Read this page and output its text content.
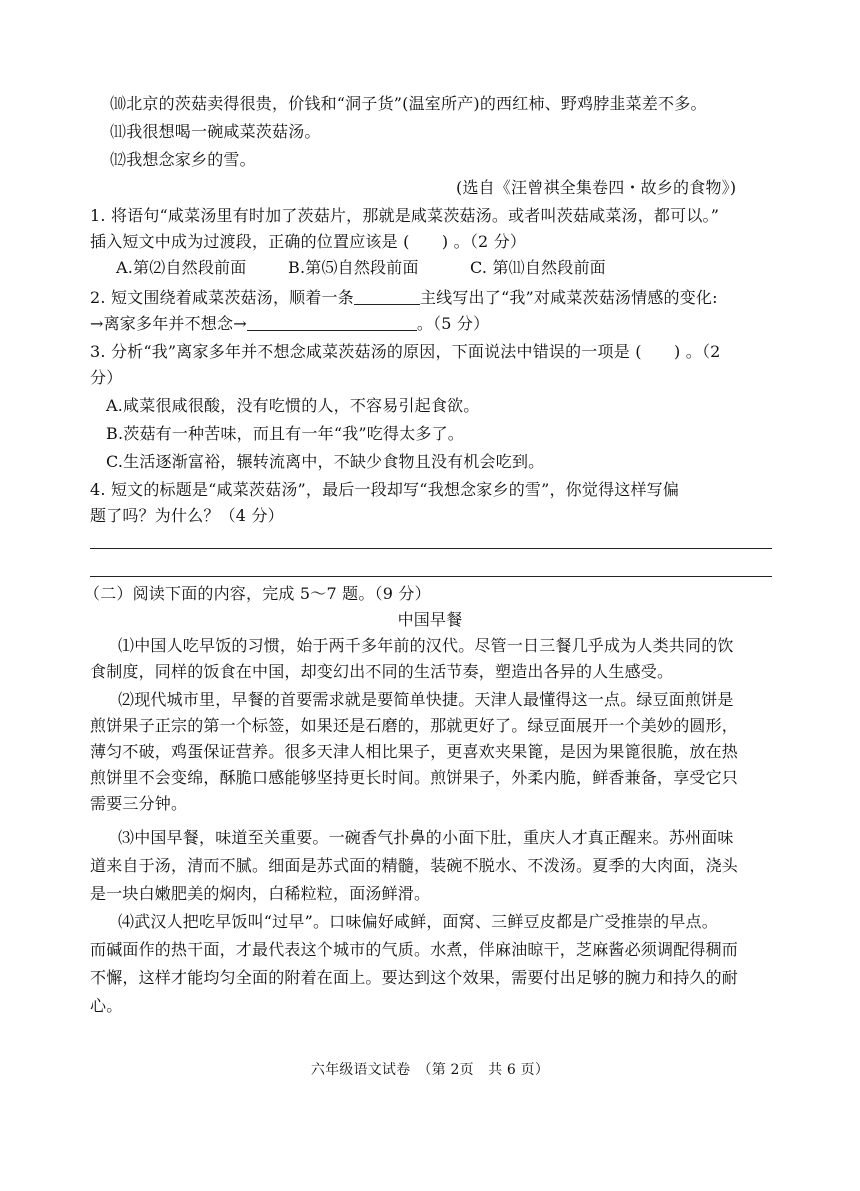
⑽北京的茨菇卖得很贵，价钱和“洞子货”(温室所产)的西红柿、野鸡脖韭菜差不多。
⑾我很想喝一碗咸菜茨菇汤。
⑿我想念家乡的雪。
(选自《汪曾祺全集卷四・故乡的食物》)
1. 将语句“咸菜汤里有时加了茨菇片，那就是咸菜茨菇汤。或者叫茨菇咸菜汤，都可以。”
插入短文中成为过渡段，正确的位置应该是 (　　) 。（2 分）
A.第⑵自然段前面	B.第⑸自然段前面	C. 第⑾自然段前面
2. 短文围绕着咸菜茨菇汤，顺着一条	主线写出了“我”对咸菜茨菇汤情感的变化:
→离家多年并不想念→	。（5 分）
3. 分析“我”离家多年并不想念咸菜茨菇汤的原因，下面说法中错误的一项是 (　　) 。（2
分）
A.咸菜很咸很酸，没有吃惯的人，不容易引起食欲。
B.茨菇有一种苦味，而且有一年“我”吃得太多了。
C.生活逐渐富裕，辗转流离中，不缺少食物且没有机会吃到。
4. 短文的标题是“咸菜茨菇汤”，最后一段却写“我想念家乡的雪”，你觉得这样写偏
题了吗？为什么？（4 分）
（二）阅读下面的内容，完成 5～7 题。（9 分）
中国早餐
⑴中国人吃早饭的习惯，始于两千多年前的汉代。尽管一日三餐几乎成为人类共同的饮
食制度，同样的饭食在中国，却变幻出不同的生活节奏，塑造出各异的人生感受。
⑵现代城市里，早餐的首要需求就是要简单快捷。天津人最懂得这一点。绿豆面煎饼是
煎饼果子正宗的第一个标签，如果还是石磨的，那就更好了。绿豆面展开一个美妙的圆形，
薄匀不破，鸡蛋保证营养。很多天津人相比果子，更喜欢夹果篦，是因为果篦很脆，放在热
煎饼里不会变绵，酥脆口感能够坚持更长时间。煎饼果子，外柔内脆，鲜香兼备，享受它只
需要三分钟。
⑶中国早餐，味道至关重要。一碗香气扑鼻的小面下肚，重庆人才真正醒来。苏州面味
道来自于汤，清而不腻。细面是苏式面的精髓，装碗不脱水、不泼汤。夏季的大肉面，浇头
是一块白嫩肥美的焖肉，白稀粒粒，面汤鲜滑。
⑷武汉人把吃早饭叫“过早”。口味偏好咸鲜，面窝、三鲜豆皮都是广受推崇的早点。
而碱面作的热干面，才最代表这个城市的气质。水煮，伴麻油晾干，芝麻酱必须调配得稠而
不懈，这样才能均匀全面的附着在面上。要达到这个效果，需要付出足够的腕力和持久的耐
心。
六年级语文试卷　（第 2页　共 6 页）
